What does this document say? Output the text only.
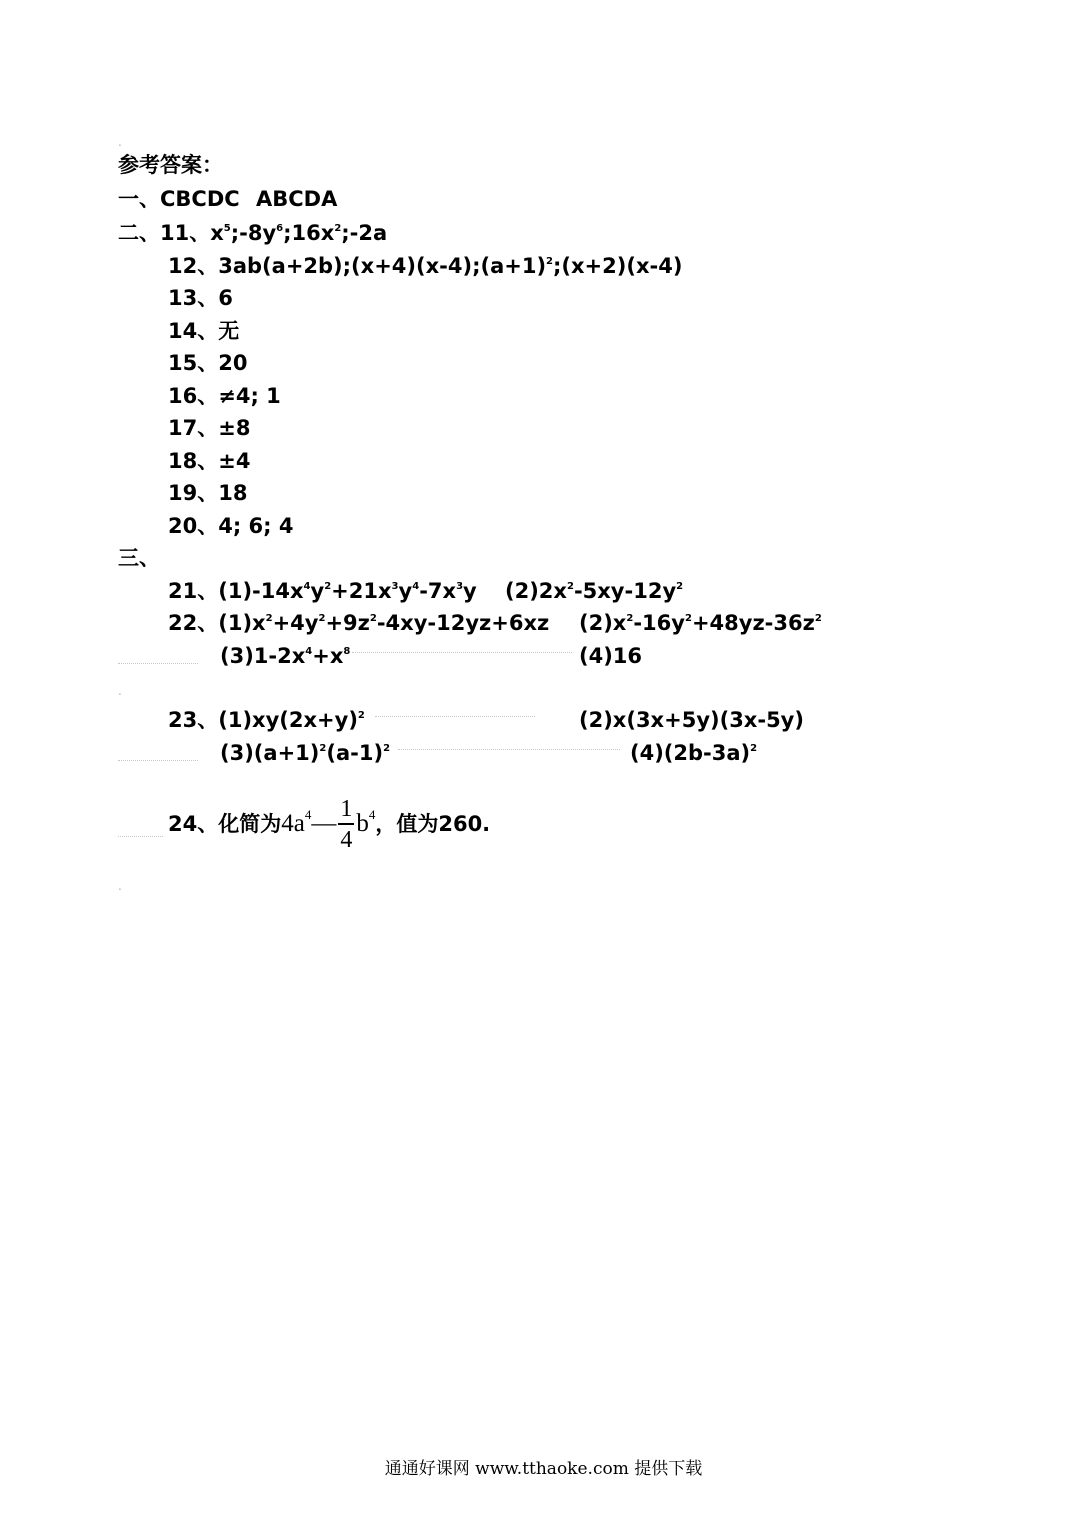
.
.
.
参考答案：
一、CBCDC ABCDA
二、11、$x^5;-8y^6;16x^2;-2a$
12、$3ab(a+2b);(x+4)(x-4);(a+1)^2;(x+2)(x-4)$
13、6
14、无
15、20
16、≠4; 1
17、±8
18、±4
19、18
20、4; 6; 4
三、
21、$(1)-14x^4y^2+21x^3y^4-7x^3y$ $(2)2x^2-5xy-12y^2$
22、$(1)x^2+4y^2+9z^2-4xy-12yz+6xz$ $(2)x^2-16y^2+48yz-36z^2$
$(3)1-2x^4+x^8$	(4)16
23、$(1)xy(2x+y)^2$	(2)x(3x+5y)(3x-5y)
$(3)(a+1)^2(a-1)^2$	$(4)(2b-3a)^2$
24、化简为$4a^4— \frac{1}{4} b^4$，值为260.
通通好课网 www.tthaoke.com 提供下载
